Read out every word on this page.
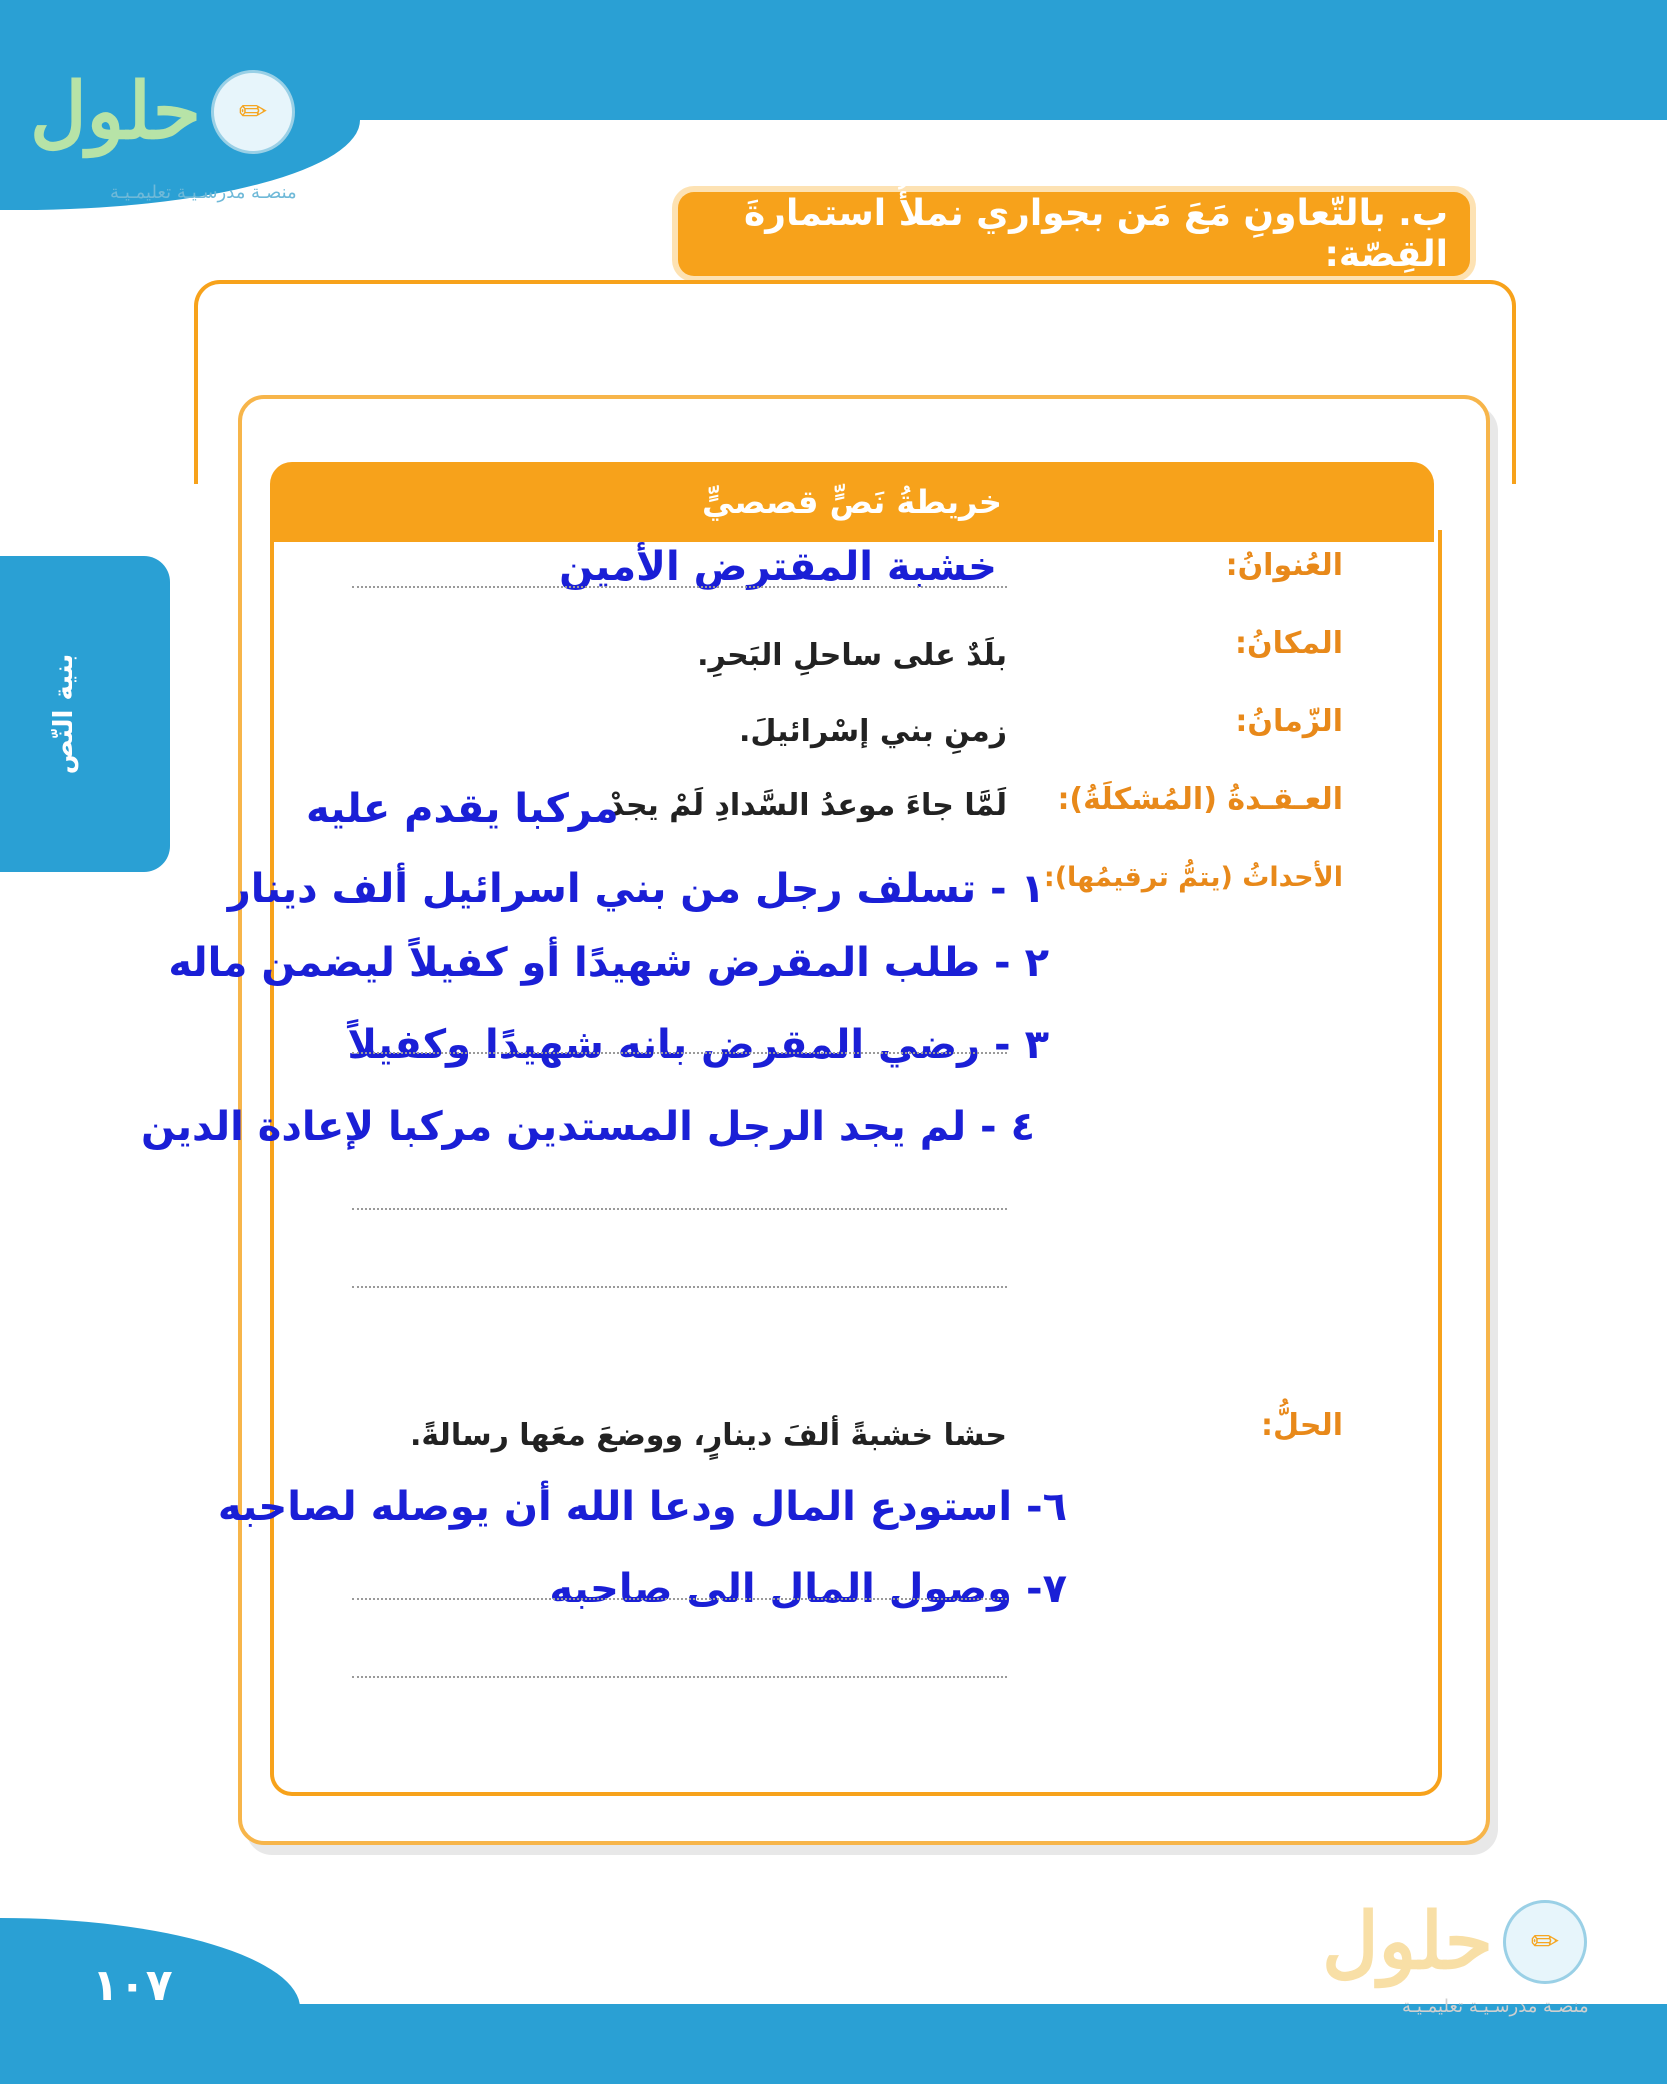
✏
حلول
منصـة مدرسـيـة تعليمـيـة
بنية النّص
ب. بالتّعاونِ مَعَ مَن بجواري نملأُ استمارةَ القِصّة:
خريطةُ نَصٍّ قصصيٍّ
العُنوانُ:
خشبة المقترض الأمين
المكانُ:
بلَدٌ على ساحلِ البَحرِ.
الزّمانُ:
زمنِ بني إسْرائيلَ.
العـقـدةُ (المُشكلَةُ):
لَمَّا جاءَ موعدُ السَّدادِ لَمْ يجدْ
مركبا يقدم عليه
الأحداثُ (يتمُّ ترقيمُها):
١ - تسلف رجل من بني اسرائيل ألف دينار
٢ - طلب المقرض شهيدًا أو كفيلاً ليضمن ماله
٣ - رضي المقرض بانه شهيدًا وكفيلاً
٤ - لم يجد الرجل المستدين مركبا لإعادة الدين
الحلُّ:
حشا خشبةً ألفَ دينارٍ، ووضعَ معَها رسالةً.
٦- استودع المال ودعا الله أن يوصله لصاحبه
٧- وصول المال الى صاحبه
١٠٧
✏
حلول
منصـة مدرسـيـة تعليمـيـة
